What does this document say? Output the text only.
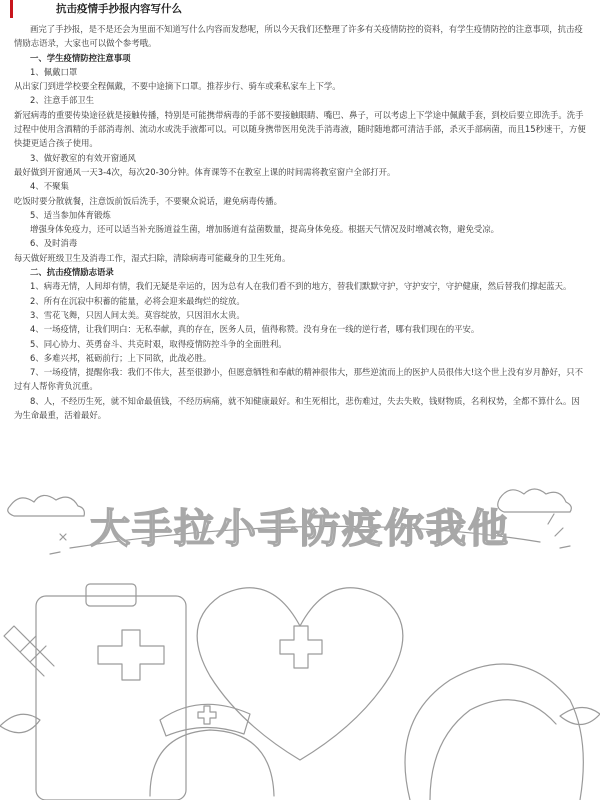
抗击疫情手抄报内容写什么

画完了手抄报，是不是还会为里面不知道写什么内容而发愁呢，所以今天我们还整理了许多有关疫情防控的资料，有学生疫情防控的注意事项，抗击疫情励志语录，大家也可以做个参考哦。

一、学生疫情防控注意事项

1、佩戴口罩

从出家门到进学校要全程佩戴，不要中途摘下口罩。推荐步行、骑车或乘私家车上下学。

2、注意手部卫生

新冠病毒的重要传染途径就是接触传播，特别是可能携带病毒的手部不要接触眼睛、嘴巴、鼻子，可以考虑上下学途中佩戴手套，到校后要立即洗手。洗手过程中使用含酒精的手部消毒剂、流动水或洗手液都可以。可以随身携带医用免洗手消毒液，随时随地都可清洁手部，杀灭手部病菌，而且15秒速干，方便快捷更适合孩子使用。

3、做好教室的有效开窗通风

最好做到开窗通风一天3-4次，每次20-30分钟。体育课等不在教室上课的时间需将教室窗户全部打开。

4、不聚集

吃饭时要分散就餐，注意饭前饭后洗手，不要聚众说话，避免病毒传播。

5、适当参加体育锻炼

增强身体免疫力，还可以适当补充肠道益生菌，增加肠道有益菌数量，提高身体免疫。根据天气情况及时增减衣物，避免受凉。

6、及时消毒

每天做好班级卫生及消毒工作，湿式扫除，清除病毒可能藏身的卫生死角。

二、抗击疫情励志语录

1、病毒无情，人间却有情，我们无疑是幸运的，因为总有人在我们看不到的地方，替我们默默守护，守护安宁，守护健康，然后替我们撑起蓝天。

2、所有在沉寂中积蓄的能量，必将会迎来最绚烂的绽放。

3、雪花飞舞，只因人间太美。莫容绽放，只因泪水太贵。

4、一场疫情，让我们明白：无私奉献，真的存在，医务人员，值得称赞。没有身在一线的逆行者，哪有我们现在的平安。

5、同心协力、英勇奋斗、共克时艰，取得疫情防控斗争的全面胜利。

6、多难兴邦，祗砺前行；上下同欲，此战必胜。

7、一场疫情，提醒你我：我们不伟大，甚至很渺小，但愿意牺牲和奉献的精神很伟大，那些逆流而上的医护人员很伟大!这个世上没有岁月静好，只不过有人帮你背负沉重。

8、人，不经历生死，就不知命最值钱，不经历病痛，就不知健康最好。和生死相比，悲伤难过，失去失败，钱财物质，名利权势，全都不算什么。因为生命最重，活着最好。

大手拉小手防疫你我他
